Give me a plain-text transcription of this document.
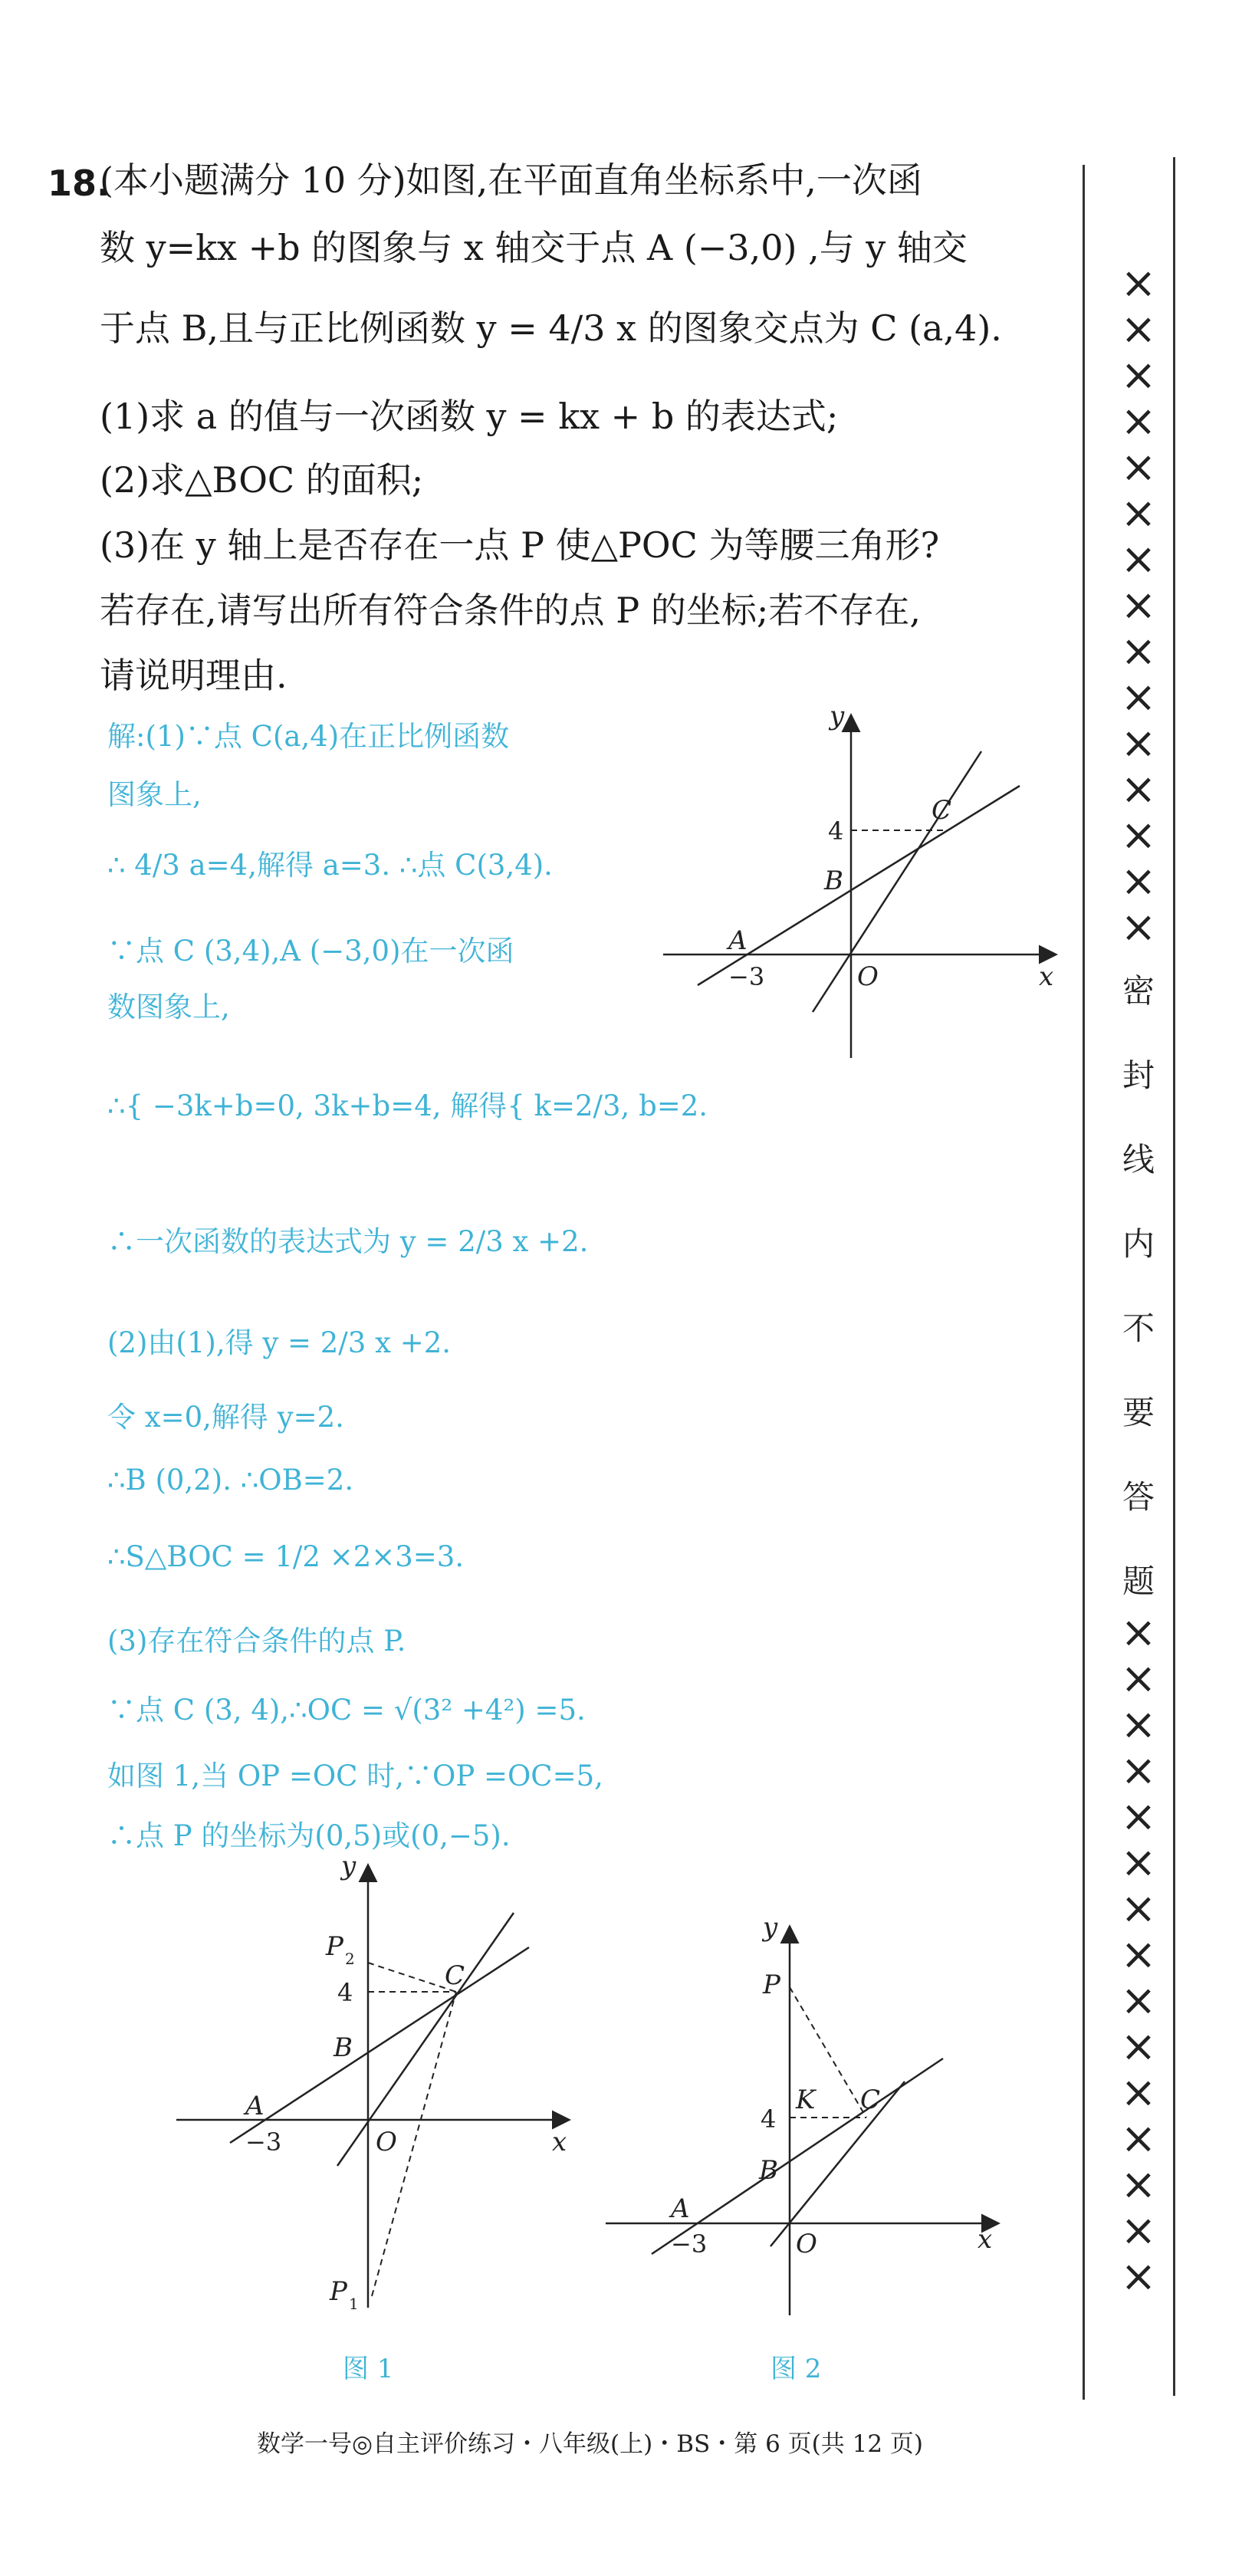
18.
(本小题满分 10 分)如图,在平面直角坐标系中,一次函
数 y=kx +b 的图象与 x 轴交于点 A (−3,0) ,与 y 轴交
于点 B,且与正比例函数 y = 4/3 x 的图象交点为 C (a,4).
(1)求 a 的值与一次函数 y = kx + b 的表达式;
(2)求△BOC 的面积;
(3)在 y 轴上是否存在一点 P 使△POC 为等腰三角形?
若存在,请写出所有符合条件的点 P 的坐标;若不存在,
请说明理由.
解:(1)∵点 C(a,4)在正比例函数
图象上,
∴ 4/3 a=4,解得 a=3. ∴点 C(3,4).
∵点 C (3,4),A (−3,0)在一次函
数图象上,
∴{ −3k+b=0, 3k+b=4, 解得{ k=2/3, b=2.
∴一次函数的表达式为 y = 2/3 x +2.
(2)由(1),得 y = 2/3 x +2.
令 x=0,解得 y=2.
∴B (0,2). ∴OB=2.
∴S△BOC = 1/2 ×2×3=3.
(3)存在符合条件的点 P.
∵点 C (3, 4),∴OC = √(3² +4²) =5.
如图 1,当 OP =OC 时,∵OP =OC=5,
∴点 P 的坐标为(0,5)或(0,−5).
y
x
C
4
B
A
−3	O
y
x
P 2
C
4
B
A
−3	O
P 1
图 1
y
x
P
K C
4
B
A
−3	O
图 2
×
×
×
×
×
×
×
×
×
×
×
×
×
×
×
密
封
线
内
不
要
答
题
×
×
×
×
×
×
×
×
×
×
×
×
×
×
×
数学一号◎自主评价练习・八年级(上)・BS・第 6 页(共 12 页)
